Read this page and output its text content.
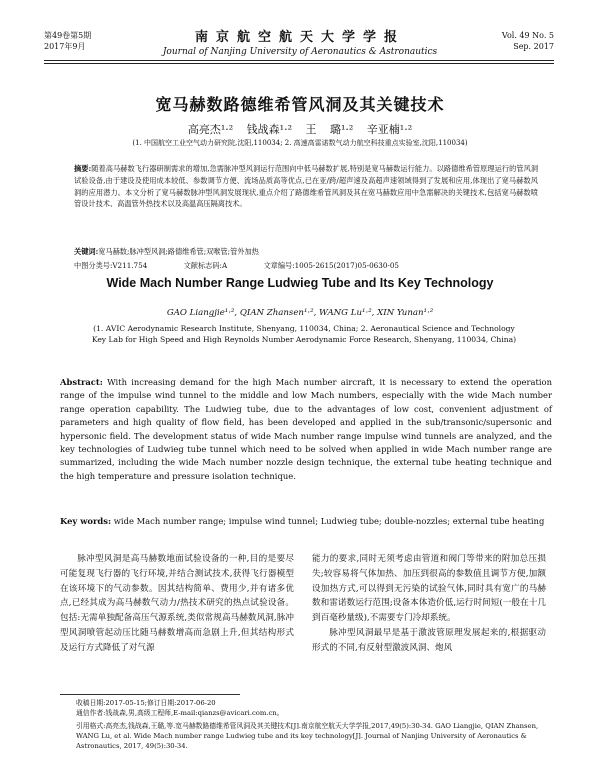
第49卷第5期
2017年9月
南京航空航天大学学报
Journal of Nanjing University of Aeronautics & Astronautics
Vol. 49 No. 5
Sep. 2017
宽马赫数路德维希管风洞及其关键技术
高亮杰¹·² 钱战森¹·² 王 璐¹·² 辛亚楠¹·²
(1. 中国航空工业空气动力研究院,沈阳,110034; 2. 高速高雷诺数气动力航空科技重点实验室,沈阳,110034)
摘要:随着高马赫数飞行器研制需求的增加,急需脉冲型风洞运行范围向中低马赫数扩展,特别是宽马赫数运行能力。以路德维希管原理运行的管风洞试验设备,由于建设及使用成本较低、参数调节方便、流场品质高等优点,已在亚/跨/超声速及高超声速领域得到了发展和应用,体现出了宽马赫数风洞的应用潜力。本文分析了宽马赫数脉冲型风洞发展现状,重点介绍了路德维希管风洞及其在宽马赫数应用中急需解决的关键技术,包括宽马赫数喷管设计技术、高温管外热技术以及高温高压隔离技术。
关键词:宽马赫数;脉冲型风洞;路德维希管;双喉管;管外加热
中图分类号:V211.754	文献标志码:A	文章编号:1005-2615(2017)05-0630-05
Wide Mach Number Range Ludwieg Tube and Its Key Technology
GAO Liangjie¹·², QIAN Zhansen¹·², WANG Lu¹·², XIN Yunan¹·²
(1. AVIC Aerodynamic Research Institute, Shenyang, 110034, China; 2. Aeronautical Science and Technology Key Lab for High Speed and High Reynolds Number Aerodynamic Force Research, Shenyang, 110034, China)
Abstract: With increasing demand for the high Mach number aircraft, it is necessary to extend the operation range of the impulse wind tunnel to the middle and low Mach numbers, especially with the wide Mach number range operation capability. The Ludwieg tube, due to the advantages of low cost, convenient adjustment of parameters and high quality of flow field, has been developed and applied in the sub/transonic/supersonic and hypersonic field. The development status of wide Mach number range impulse wind tunnels are analyzed, and the key technologies of Ludwieg tube tunnel which need to be solved when applied in wide Mach number range are summarized, including the wide Mach number nozzle design technique, the external tube heating technique and the high temperature and pressure isolation technique.
Key words: wide Mach number range; impulse wind tunnel; Ludwieg tube; double-nozzles; external tube heating
脉冲型风洞是高马赫数地面试验设备的一种,目的是要尽可能复现飞行器的飞行环境,并结合测试技术,获得飞行器模型在该环境下的气动参数。因其结构简单、费用少,并有诸多优点,已经其成为高马赫数气动力/热技术研究的热点试验设备。包括:无需单独配备高压气源系统,类似常规高马赫数风洞,脉冲型风洞喷管起动压比随马赫数增高而急剧上升,但其结构形式及运行方式降低了对气源

能力的要求,同时无须考虑由管道和阀门等带来的附加总压损失;较容易将气体加热、加压到很高的参数值且调节方便,加额设加热方式,可以得到无污染的试验气体,同时具有宽广的马赫数和雷诺数运行范围;设备本体造价低,运行时间短(一般在十几到百毫秒量级),不需要专门冷却系统。

脉冲型风洞最早是基于激波管原理发展起来的,根据驱动形式的不同,有反射型激波风洞、炮风

收稿日期:2017-05-15;修订日期:2017-06-20
通信作者:钱战森,男,高级工程师,E-mail:qianzs@avicari.com.cn。
引用格式:高亮杰,钱战森,王璐,等.宽马赫数路德维希管风洞及其关键技术[J].南京航空航天大学学报,2017,49(5):30-34. GAO Liangjie, QIAN Zhansen, WANG Lu, et al. Wide Mach number range Ludwieg tube and its key technology[J]. Journal of Nanjing University of Aeronautics & Astronautics, 2017, 49(5):30-34.
